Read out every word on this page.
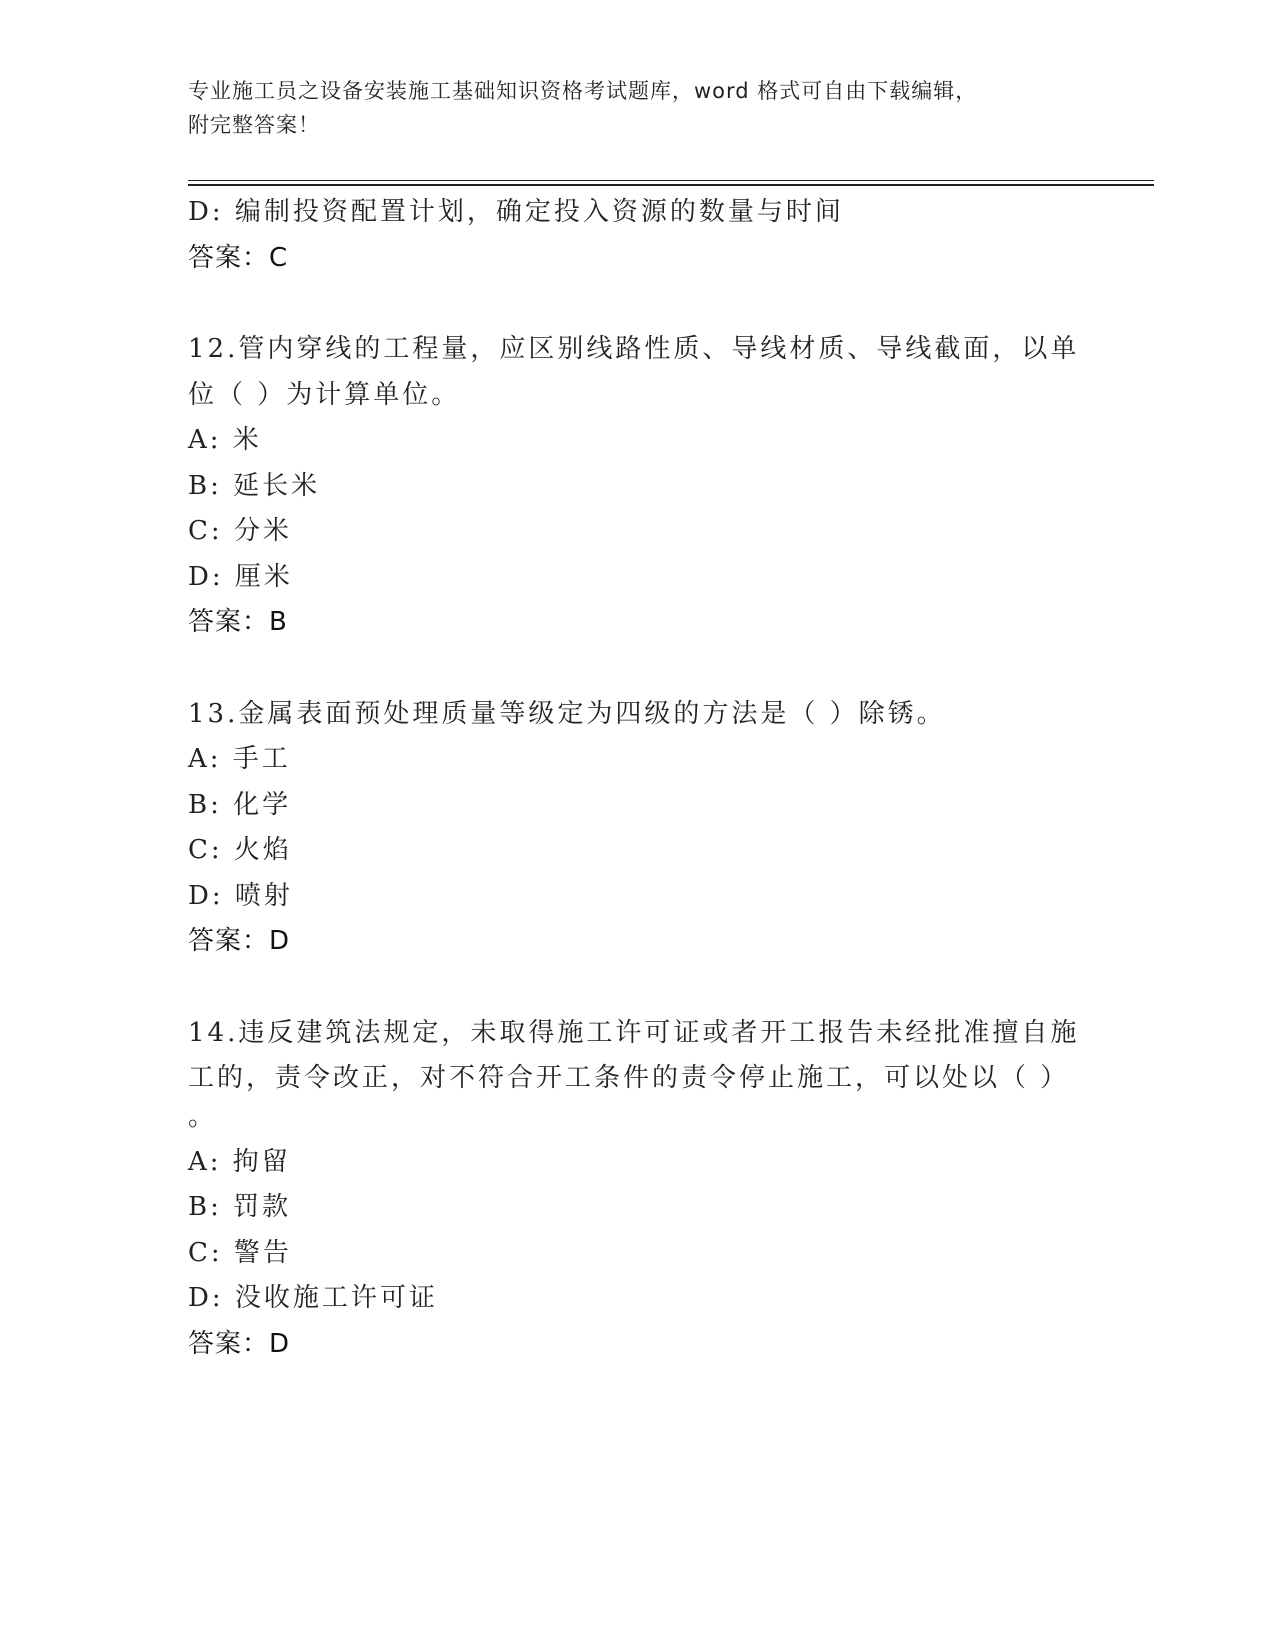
专业施工员之设备安装施工基础知识资格考试题库，word 格式可自由下载编辑，
附完整答案！
D: 编制投资配置计划，确定投入资源的数量与时间
答案：C
12.管内穿线的工程量，应区别线路性质、导线材质、导线截面，以单
位（ ）为计算单位。
A: 米
B: 延长米
C: 分米
D: 厘米
答案：B
13.金属表面预处理质量等级定为四级的方法是（ ）除锈。
A: 手工
B: 化学
C: 火焰
D: 喷射
答案：D
14.违反建筑法规定，未取得施工许可证或者开工报告未经批准擅自施
工的，责令改正，对不符合开工条件的责令停止施工，可以处以（ ）
。
A: 拘留
B: 罚款
C: 警告
D: 没收施工许可证
答案：D
